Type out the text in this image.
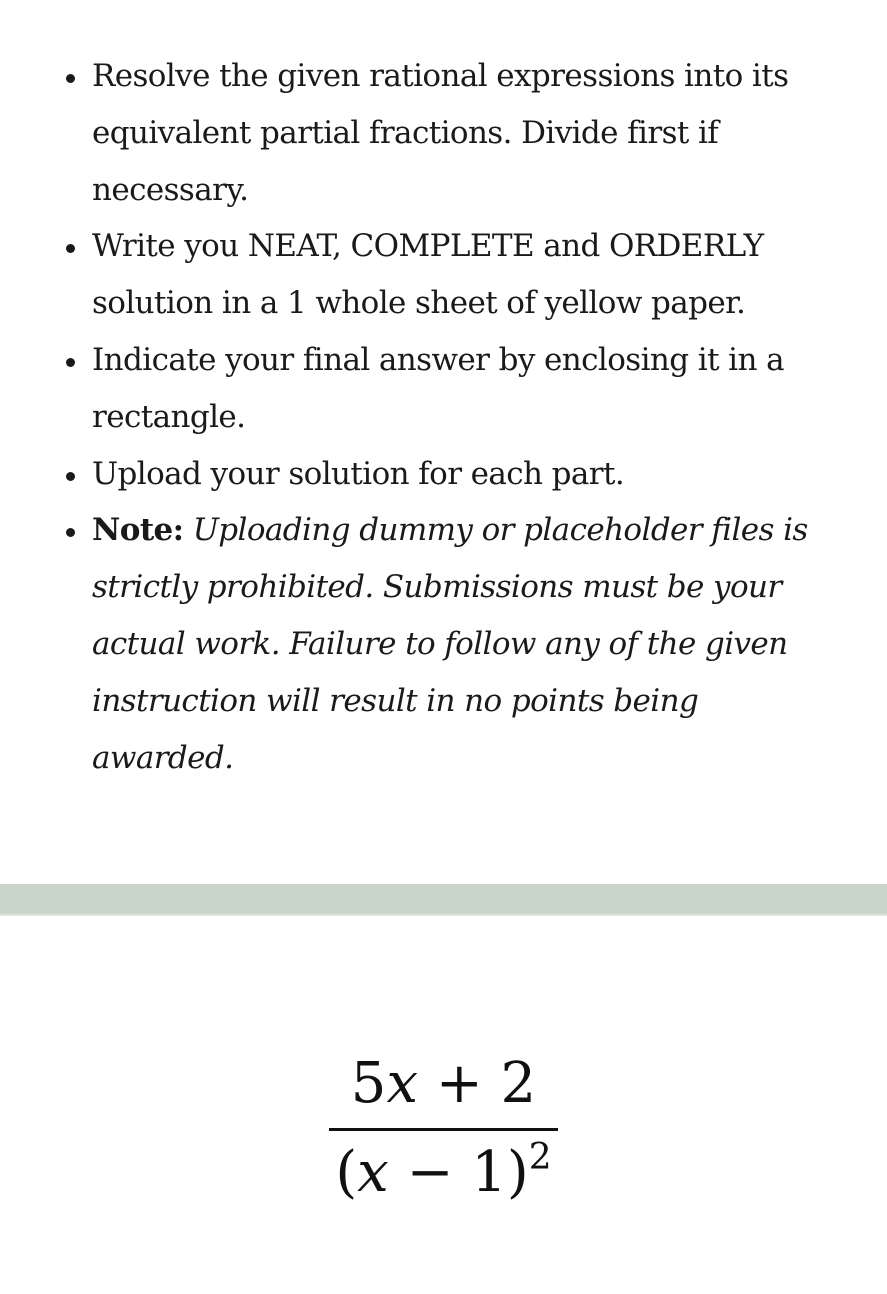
Resolve the given rational expressions into its equivalent partial fractions. Divide first if necessary.
Write you NEAT, COMPLETE and ORDERLY solution in a 1 whole sheet of yellow paper.
Indicate your final answer by enclosing it in a rectangle.
Upload your solution for each part.
Note: Uploading dummy or placeholder files is strictly prohibited. Submissions must be your actual work. Failure to follow any of the given instruction will result in no points being awarded.
$\frac{5x + 2}{(x - 1)^2}$
